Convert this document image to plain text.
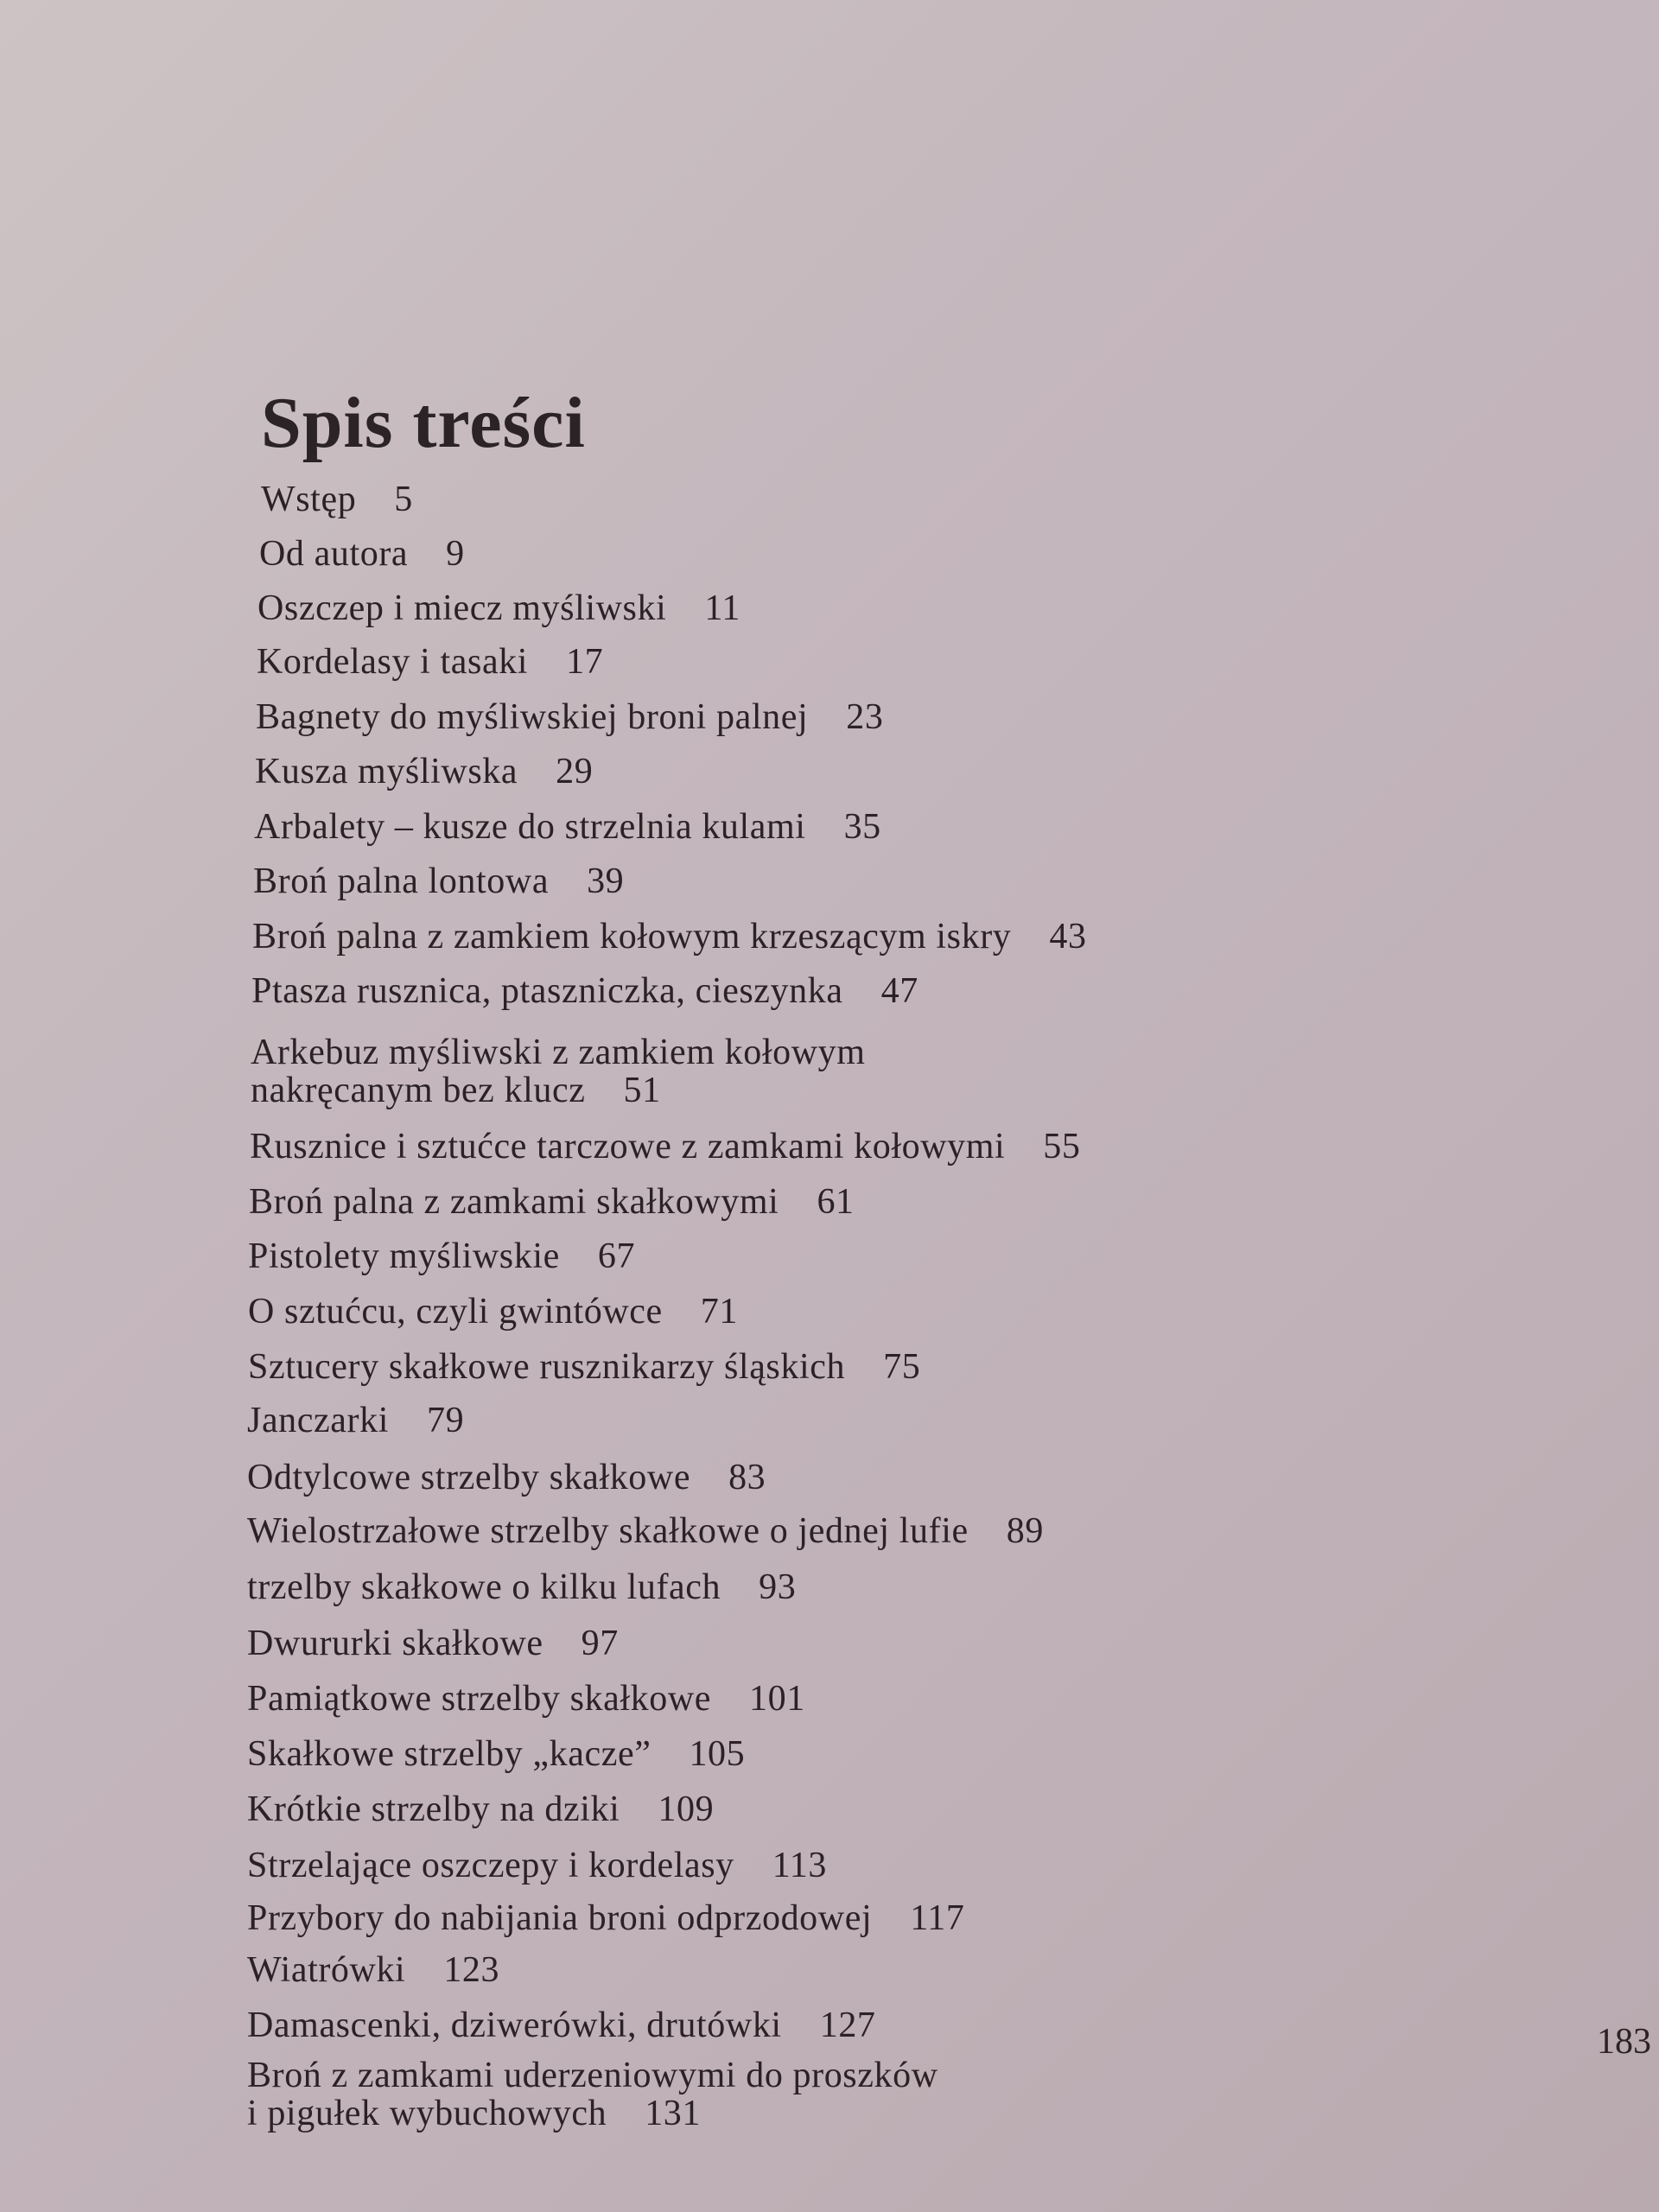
Spis treści
Wstęp 5
Od autora 9
Oszczep i miecz myśliwski 11
Kordelasy i tasaki 17
Bagnety do myśliwskiej broni palnej 23
Kusza myśliwska 29
Arbalety – kusze do strzelnia kulami 35
Broń palna lontowa 39
Broń palna z zamkiem kołowym krzeszącym iskry 43
Ptasza rusznica, ptaszniczka, cieszynka 47
Arkebuz myśliwski z zamkiem kołowym
nakręcanym bez klucz 51
Rusznice i sztućce tarczowe z zamkami kołowymi 55
Broń palna z zamkami skałkowymi 61
Pistolety myśliwskie 67
O sztućcu, czyli gwintówce 71
Sztucery skałkowe rusznikarzy śląskich 75
Janczarki 79
Odtylcowe strzelby skałkowe 83
Wielostrzałowe strzelby skałkowe o jednej lufie 89
trzelby skałkowe o kilku lufach 93
Dwururki skałkowe 97
Pamiątkowe strzelby skałkowe 101
Skałkowe strzelby „kacze” 105
Krótkie strzelby na dziki 109
Strzelające oszczepy i kordelasy 113
Przybory do nabijania broni odprzodowej 117
Wiatrówki 123
Damascenki, dziwerówki, drutówki 127
Broń z zamkami uderzeniowymi do proszków
i pigułek wybuchowych 131
183
